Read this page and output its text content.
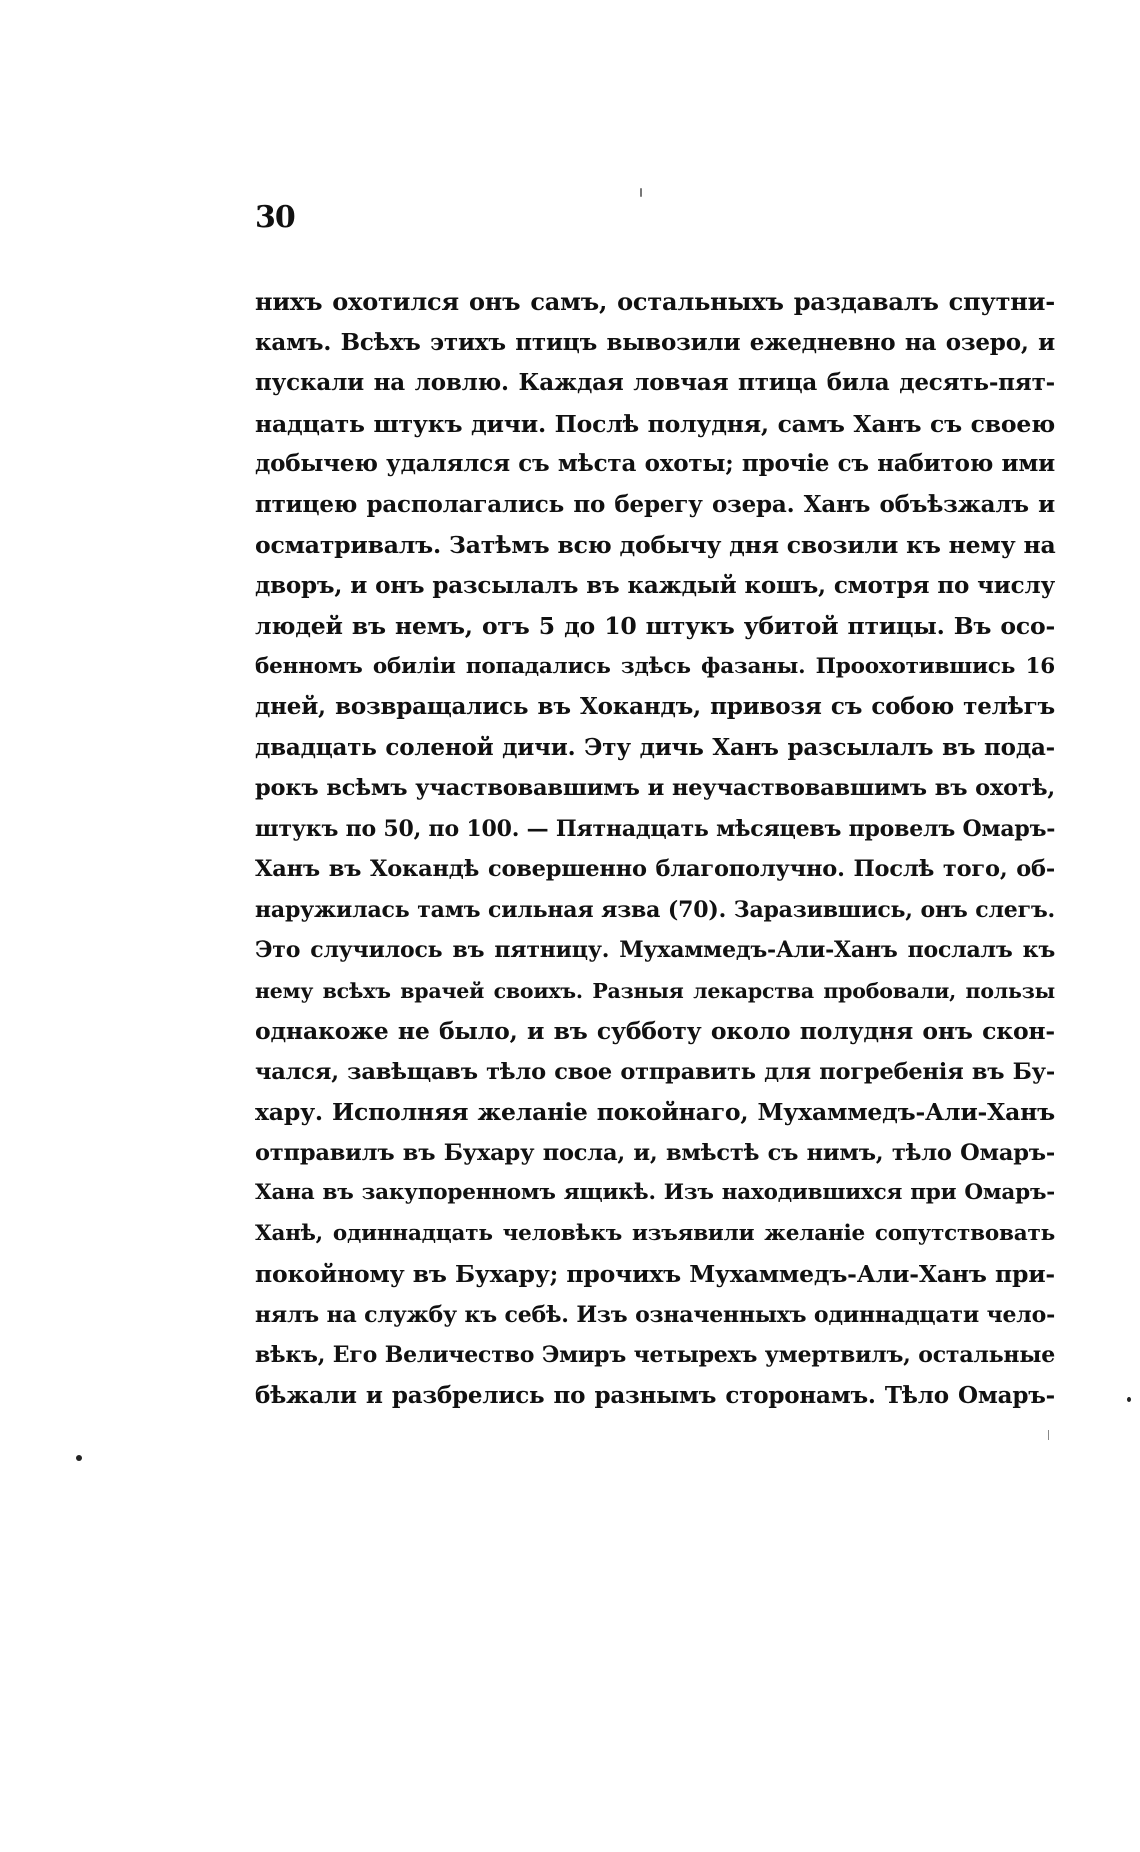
30
нихъ охотился онъ самъ, остальныхъ раздавалъ спутни-
камъ. Всѣхъ этихъ птицъ вывозили ежедневно на озеро, и
пускали на ловлю. Каждая ловчая птица била десять-пят-
надцать штукъ дичи. Послѣ полудня, самъ Ханъ съ своею
добычею удалялся съ мѣста охоты; прочіе съ набитою ими
птицею располагались по берегу озера. Ханъ объѣзжалъ и
осматривалъ. Затѣмъ всю добычу дня свозили къ нему на
дворъ, и онъ разсылалъ въ каждый кошъ, смотря по числу
людей въ немъ, отъ 5 до 10 штукъ убитой птицы. Въ осо-
бенномъ обиліи попадались здѣсь фазаны. Проохотившись 16
дней, возвращались въ Хокандъ, привозя съ собою телѣгъ
двадцать соленой дичи. Эту дичь Ханъ разсылалъ въ пода-
рокъ всѣмъ участвовавшимъ и неучаствовавшимъ въ охотѣ,
штукъ по 50, по 100. — Пятнадцать мѣсяцевъ провелъ Омаръ-
Ханъ въ Хокандѣ совершенно благополучно. Послѣ того, об-
наружилась тамъ сильная язва (70). Заразившись, онъ слегъ.
Это случилось въ пятницу. Мухаммедъ-Али-Ханъ послалъ къ
нему всѣхъ врачей своихъ. Разныя лекарства пробовали, пользы
однакоже не было, и въ субботу около полудня онъ скон-
чался, завѣщавъ тѣло свое отправить для погребенія въ Бу-
хару. Исполняя желаніе покойнаго, Мухаммедъ-Али-Ханъ
отправилъ въ Бухару посла, и, вмѣстѣ съ нимъ, тѣло Омаръ-
Хана въ закупоренномъ ящикѣ. Изъ находившихся при Омаръ-
Ханѣ, одиннадцать человѣкъ изъявили желаніе сопутствовать
покойному въ Бухару; прочихъ Мухаммедъ-Али-Ханъ при-
нялъ на службу къ себѣ. Изъ означенныхъ одиннадцати чело-
вѣкъ, Его Величество Эмиръ четырехъ умертвилъ, остальные
бѣжали и разбрелись по разнымъ сторонамъ. Тѣло Омаръ-
